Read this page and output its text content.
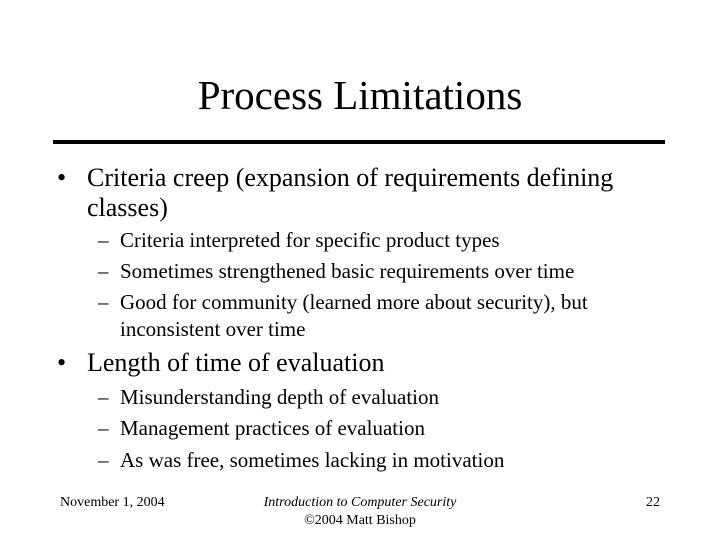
Process Limitations
• Criteria creep (expansion of requirements defining
classes)
– Criteria interpreted for specific product types
– Sometimes strengthened basic requirements over time
– Good for community (learned more about security), but
inconsistent over time
• Length of time of evaluation
– Misunderstanding depth of evaluation
– Management practices of evaluation
– As was free, sometimes lacking in motivation
November 1, 2004	Introduction to Computer Security
©2004 Matt Bishop
22
